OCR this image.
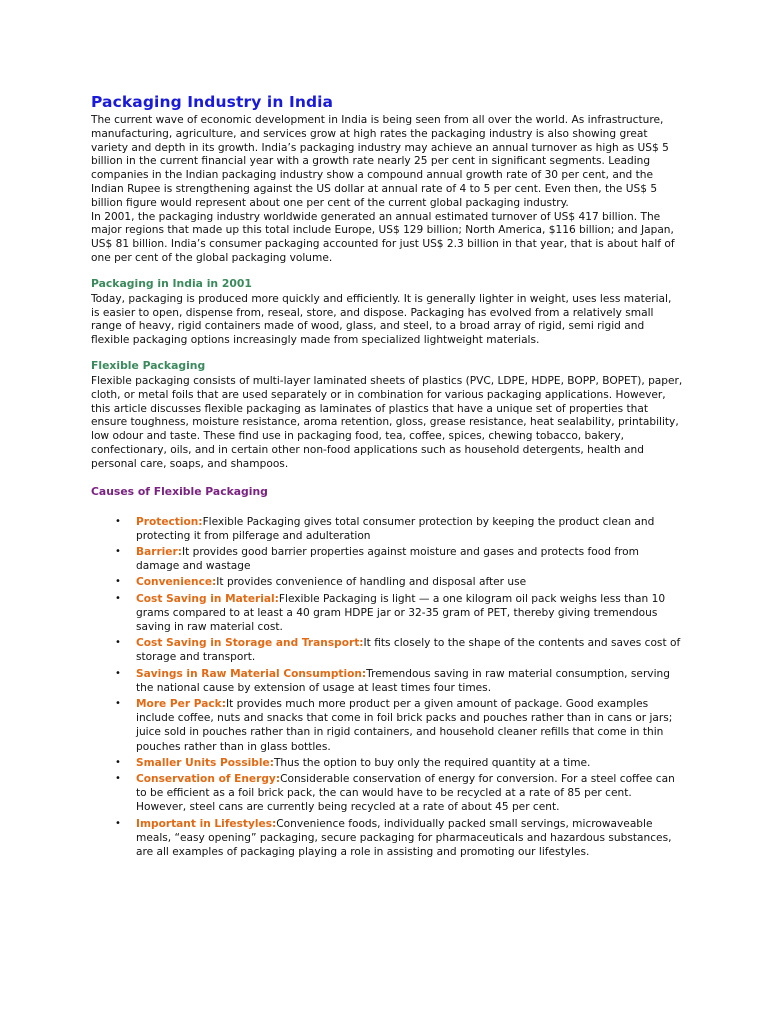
Packaging Industry in India

The current wave of economic development in India is being seen from all over the world. As infrastructure, manufacturing, agriculture, and services grow at high rates the packaging industry is also showing great variety and depth in its growth. India’s packaging industry may achieve an annual turnover as high as US$ 5 billion in the current financial year with a growth rate nearly 25 per cent in significant segments. Leading companies in the Indian packaging industry show a compound annual growth rate of 30 per cent, and the Indian Rupee is strengthening against the US dollar at annual rate of 4 to 5 per cent. Even then, the US$ 5 billion figure would represent about one per cent of the current global packaging industry.

In 2001, the packaging industry worldwide generated an annual estimated turnover of US$ 417 billion. The major regions that made up this total include Europe, US$ 129 billion; North America, $116 billion; and Japan, US$ 81 billion. India’s consumer packaging accounted for just US$ 2.3 billion in that year, that is about half of one per cent of the global packaging volume.

Packaging in India in 2001

Today, packaging is produced more quickly and efficiently. It is generally lighter in weight, uses less material, is easier to open, dispense from, reseal, store, and dispose. Packaging has evolved from a relatively small range of heavy, rigid containers made of wood, glass, and steel, to a broad array of rigid, semi rigid and flexible packaging options increasingly made from specialized lightweight materials.

Flexible Packaging

Flexible packaging consists of multi-layer laminated sheets of plastics (PVC, LDPE, HDPE, BOPP, BOPET), paper, cloth, or metal foils that are used separately or in combination for various packaging applications. However, this article discusses flexible packaging as laminates of plastics that have a unique set of properties that ensure toughness, moisture resistance, aroma retention, gloss, grease resistance, heat sealability, printability, low odour and taste. These find use in packaging food, tea, coffee, spices, chewing tobacco, bakery, confectionary, oils, and in certain other non-food applications such as household detergents, health and personal care, soaps, and shampoos.

Causes of Flexible Packaging
• Protection:Flexible Packaging gives total consumer protection by keeping the product clean and protecting it from pilferage and adulteration
• Barrier:It provides good barrier properties against moisture and gases and protects food from damage and wastage
• Convenience:It provides convenience of handling and disposal after use
• Cost Saving in Material:Flexible Packaging is light — a one kilogram oil pack weighs less than 10 grams compared to at least a 40 gram HDPE jar or 32-35 gram of PET, thereby giving tremendous saving in raw material cost.
• Cost Saving in Storage and Transport:It fits closely to the shape of the contents and saves cost of storage and transport.
• Savings in Raw Material Consumption:Tremendous saving in raw material consumption, serving the national cause by extension of usage at least times four times.
• More Per Pack:It provides much more product per a given amount of package. Good examples include coffee, nuts and snacks that come in foil brick packs and pouches rather than in cans or jars; juice sold in pouches rather than in rigid containers, and household cleaner refills that come in thin pouches rather than in glass bottles.
• Smaller Units Possible:Thus the option to buy only the required quantity at a time.
• Conservation of Energy:Considerable conservation of energy for conversion. For a steel coffee can to be efficient as a foil brick pack, the can would have to be recycled at a rate of 85 per cent. However, steel cans are currently being recycled at a rate of about 45 per cent.
• Important in Lifestyles:Convenience foods, individually packed small servings, microwaveable meals, “easy opening” packaging, secure packaging for pharmaceuticals and hazardous substances, are all examples of packaging playing a role in assisting and promoting our lifestyles.
